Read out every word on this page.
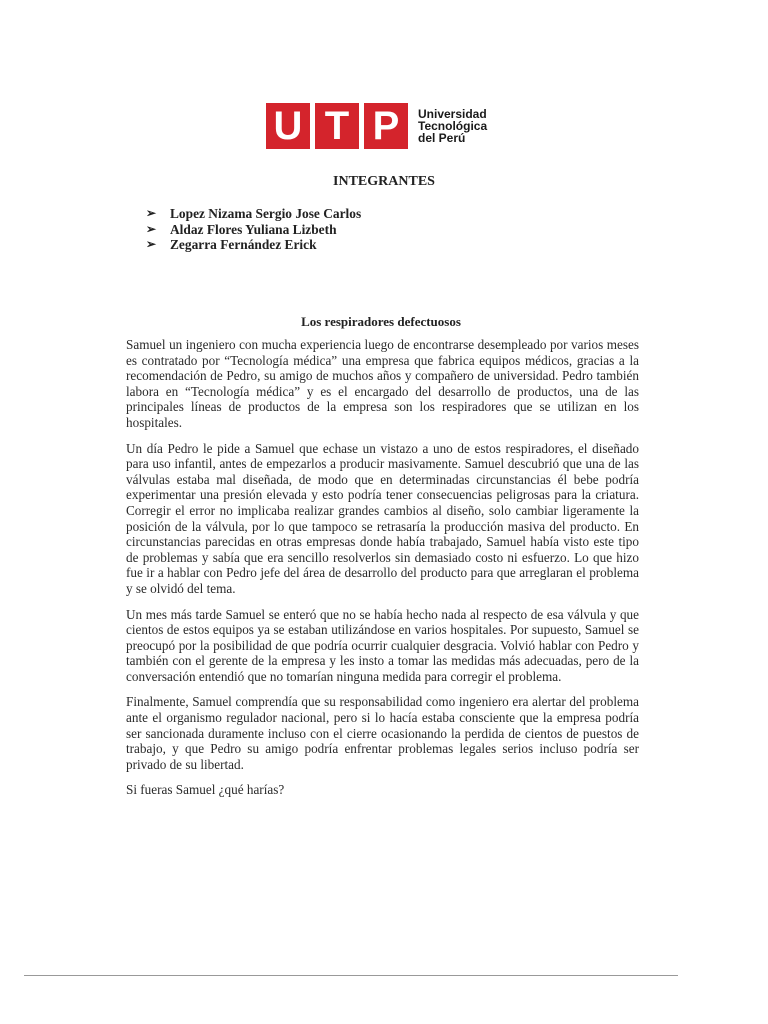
U T P	Universidad
Tecnológica
del Perú
INTEGRANTES
➢	Lopez Nizama Sergio Jose Carlos
➢	Aldaz Flores Yuliana Lizbeth
➢	Zegarra Fernández Erick
Los respiradores defectuosos

Samuel un ingeniero con mucha experiencia luego de encontrarse desempleado por varios meses es contratado por “Tecnología médica” una empresa que fabrica equipos médicos, gracias a la recomendación de Pedro, su amigo de muchos años y compañero de universidad. Pedro también labora en “Tecnología médica” y es el encargado del desarrollo de productos, una de las principales líneas de productos de la empresa son los respiradores que se utilizan en los hospitales.

Un día Pedro le pide a Samuel que echase un vistazo a uno de estos respiradores, el diseñado para uso infantil, antes de empezarlos a producir masivamente. Samuel descubrió que una de las válvulas estaba mal diseñada, de modo que en determinadas circunstancias él bebe podría experimentar una presión elevada y esto podría tener consecuencias peligrosas para la criatura. Corregir el error no implicaba realizar grandes cambios al diseño, solo cambiar ligeramente la posición de la válvula, por lo que tampoco se retrasaría la producción masiva del producto. En circunstancias parecidas en otras empresas donde había trabajado, Samuel había visto este tipo de problemas y sabía que era sencillo resolverlos sin demasiado costo ni esfuerzo. Lo que hizo fue ir a hablar con Pedro jefe del área de desarrollo del producto para que arreglaran el problema y se olvidó del tema.

Un mes más tarde Samuel se enteró que no se había hecho nada al respecto de esa válvula y que cientos de estos equipos ya se estaban utilizándose en varios hospitales. Por supuesto, Samuel se preocupó por la posibilidad de que podría ocurrir cualquier desgracia. Volvió hablar con Pedro y también con el gerente de la empresa y les insto a tomar las medidas más adecuadas, pero de la conversación entendió que no tomarían ninguna medida para corregir el problema.

Finalmente, Samuel comprendía que su responsabilidad como ingeniero era alertar del problema ante el organismo regulador nacional, pero si lo hacía estaba consciente que la empresa podría ser sancionada duramente incluso con el cierre ocasionando la perdida de cientos de puestos de trabajo, y que Pedro su amigo podría enfrentar problemas legales serios incluso podría ser privado de su libertad.

Si fueras Samuel ¿qué harías?
